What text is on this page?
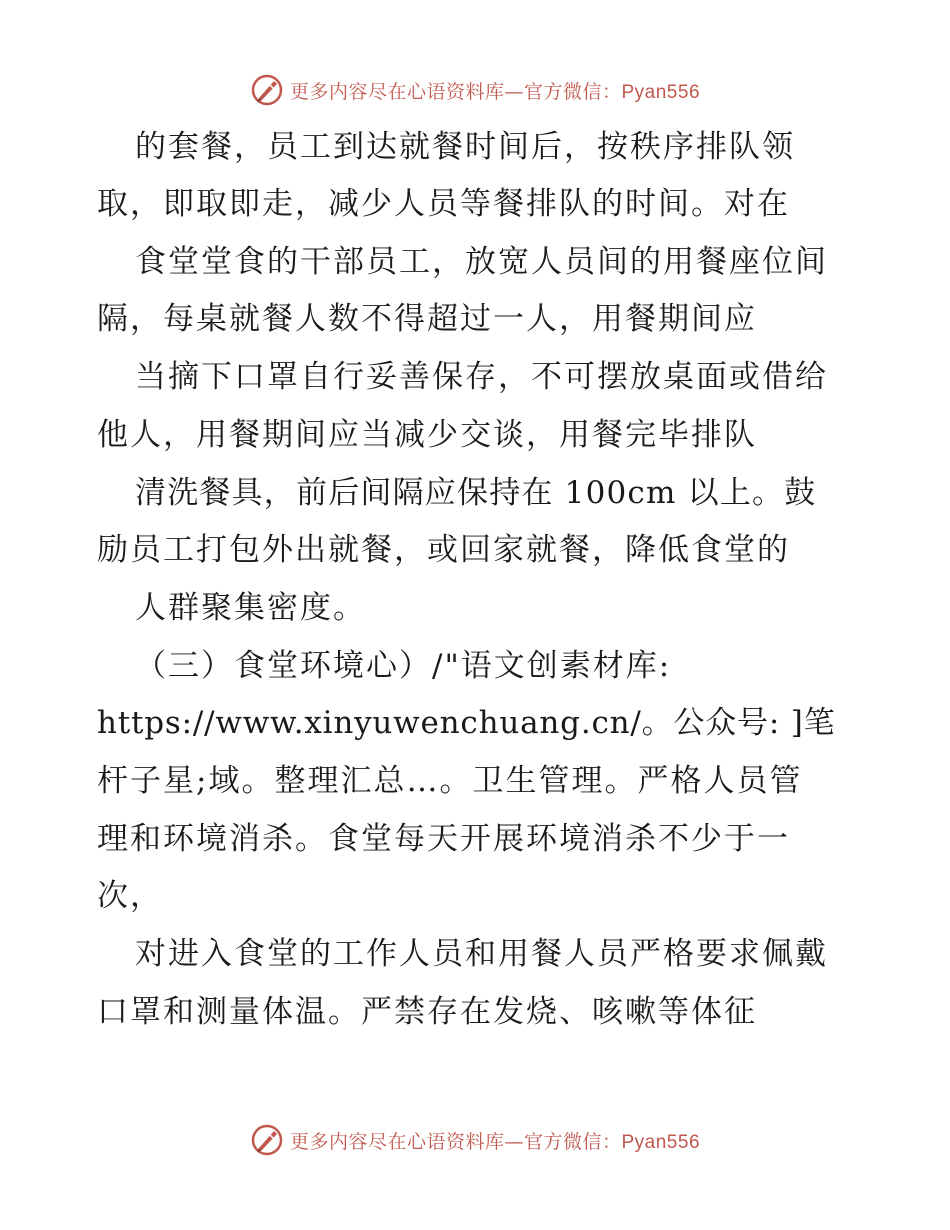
更多内容尽在心语资料库—官方微信：Pyan556
的套餐，员工到达就餐时间后，按秩序排队领
取，即取即走，减少人员等餐排队的时间。对在
食堂堂食的干部员工，放宽人员间的用餐座位间
隔，每桌就餐人数不得超过一人，用餐期间应
当摘下口罩自行妥善保存，不可摆放桌面或借给
他人，用餐期间应当减少交谈，用餐完毕排队
清洗餐具，前后间隔应保持在 100cm 以上。鼓
励员工打包外出就餐，或回家就餐，降低食堂的
人群聚集密度。
（三）食堂环境心）/"语文创素材库:
https://www.xinyuwenchuang.cn/。公众号: ]笔
杆子星;域。整理汇总…。卫生管理。严格人员管
理和环境消杀。食堂每天开展环境消杀不少于一
次，
对进入食堂的工作人员和用餐人员严格要求佩戴
口罩和测量体温。严禁存在发烧、咳嗽等体征
更多内容尽在心语资料库—官方微信：Pyan556
